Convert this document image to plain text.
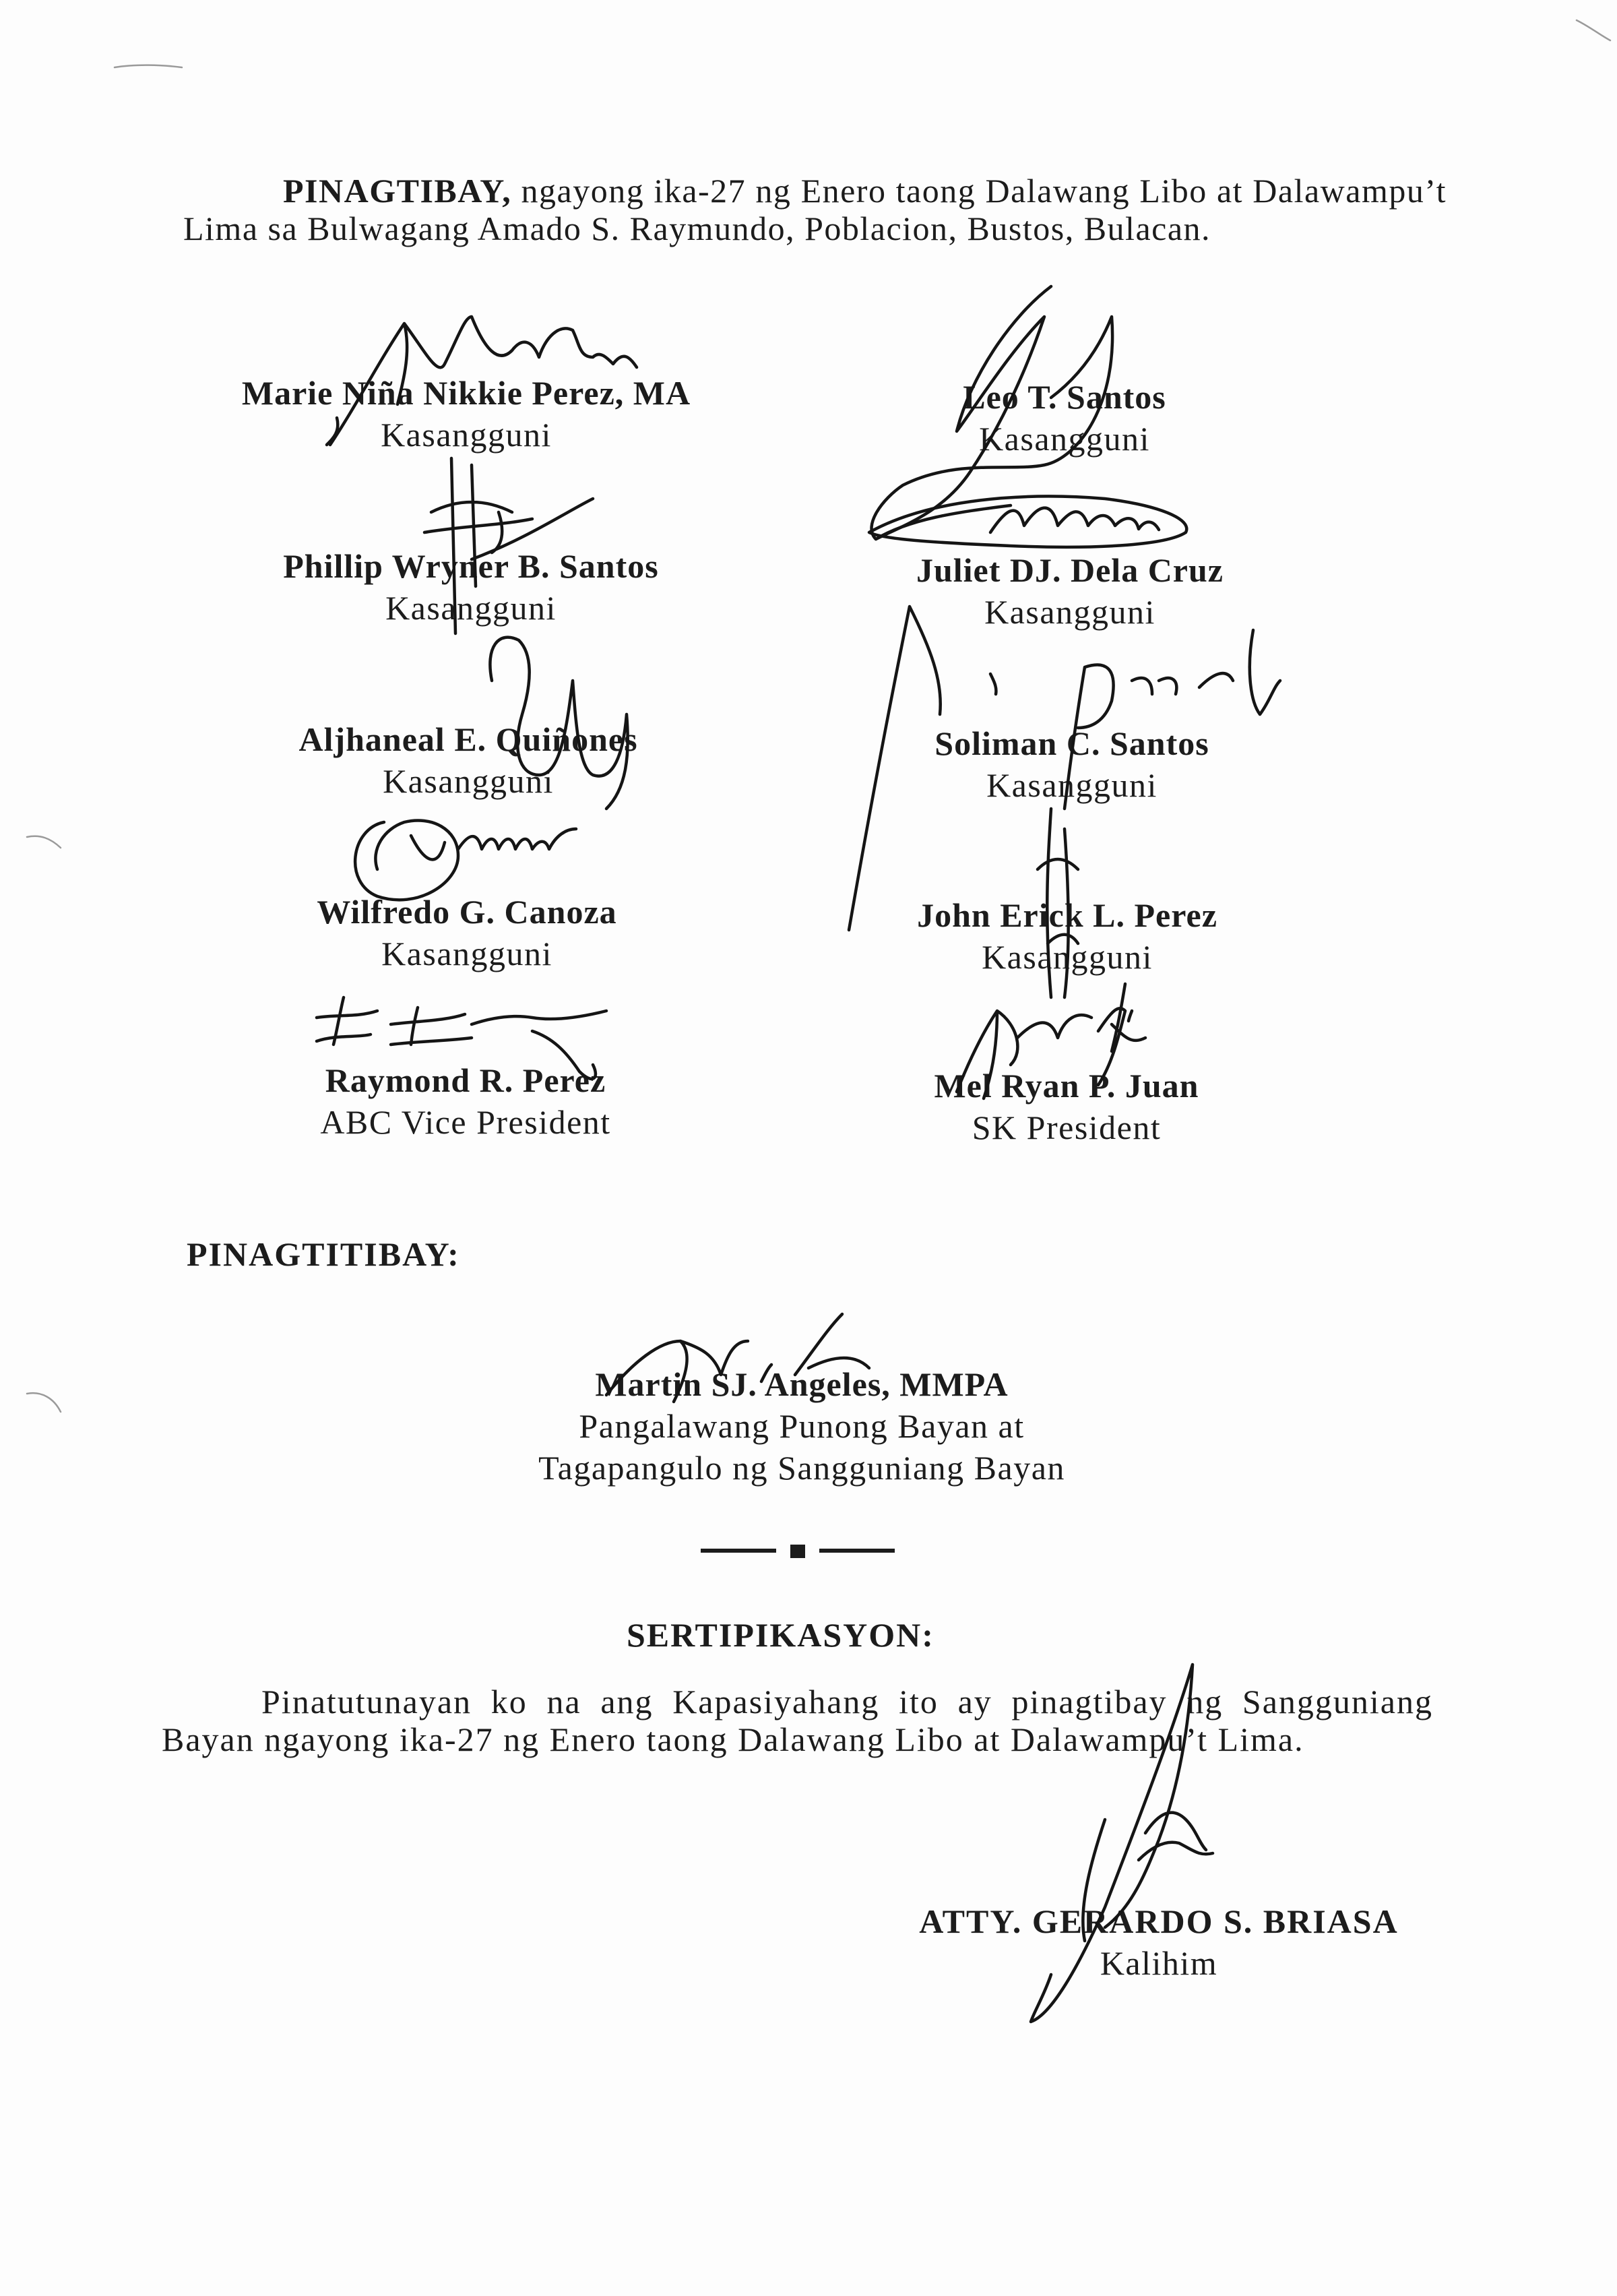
PINAGTIBAY, ngayong ika-27 ng Enero taong Dalawang Libo at Dalawampu’t Lima sa Bulwagang Amado S. Raymundo, Poblacion, Bustos, Bulacan.

Marie Niña Nikkie Perez, MA
Kasangguni
Leo T. Santos
Kasangguni
Phillip Wryner B. Santos
Kasangguni
Juliet DJ. Dela Cruz
Kasangguni
Aljhaneal E. Quiñones
Kasangguni
Soliman C. Santos
Kasangguni
Wilfredo G. Canoza
Kasangguni
John Erick L. Perez
Kasangguni
Raymond R. Perez
ABC Vice President
Mel Ryan P. Juan
SK President
PINAGTITIBAY:
Martin SJ. Angeles, MMPA
Pangalawang Punong Bayan at
Tagapangulo ng Sangguniang Bayan
SERTIPIKASYON:

Pinatutunayan ko na ang Kapasiyahang ito ay pinagtibay ng Sangguniang Bayan ngayong ika-27 ng Enero taong Dalawang Libo at Dalawampu’t Lima.

ATTY. GERARDO S. BRIASA
Kalihim
